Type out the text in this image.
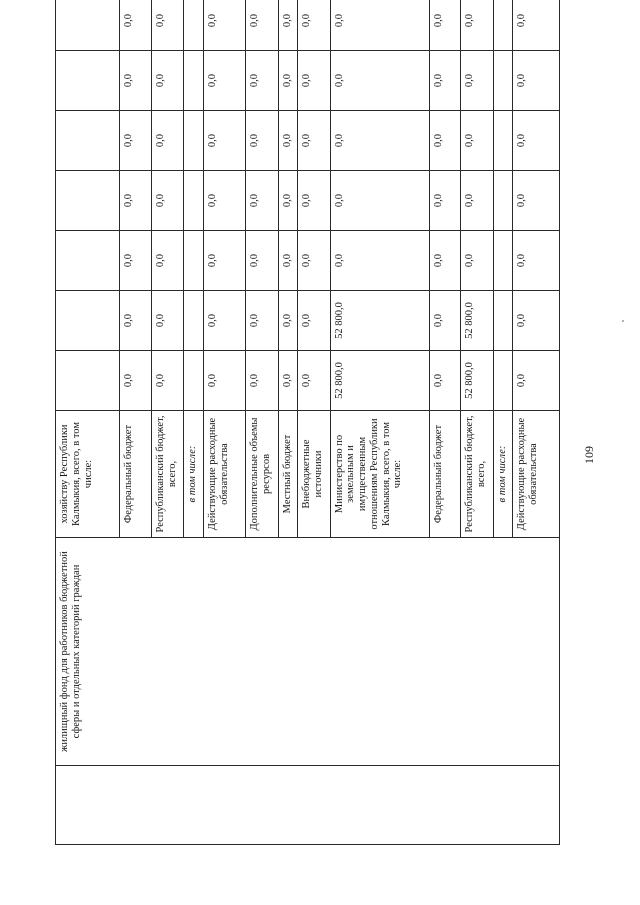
	жилищный фонд для работников бюджетной сферы и отдельных категорий граждан	хозяйству Республики Калмыкия, всего, в том числе:								
		Федеральный бюджет	0,0	0,0	0,0	0,0	0,0	0,0	0,0	
		Республиканский бюджет, всего,	0,0	0,0	0,0	0,0	0,0	0,0	0,0	
		в том числе:								
		Действующие расходные обязательства	0,0	0,0	0,0	0,0	0,0	0,0	0,0	
		Дополнительные объемы ресурсов	0,0	0,0	0,0	0,0	0,0	0,0	0,0	
		Местный бюджет	0,0	0,0	0,0	0,0	0,0	0,0	0,0	
		Внебюджетные источники	0,0	0,0	0,0	0,0	0,0	0,0	0,0	
		Министерство по земельным и имущественным отношениям Республики Калмыкия, всего, в том числе:	52 800,0	52 800,0	0,0	0,0	0,0	0,0	0,0	
		Федеральный бюджет	0,0	0,0	0,0	0,0	0,0	0,0	0,0	
		Республиканский бюджет, всего,	52 800,0	52 800,0	0,0	0,0	0,0	0,0	0,0	
		в том числе:								
		Действующие расходные обязательства	0,0	0,0	0,0	0,0	0,0	0,0	0,0	
109
